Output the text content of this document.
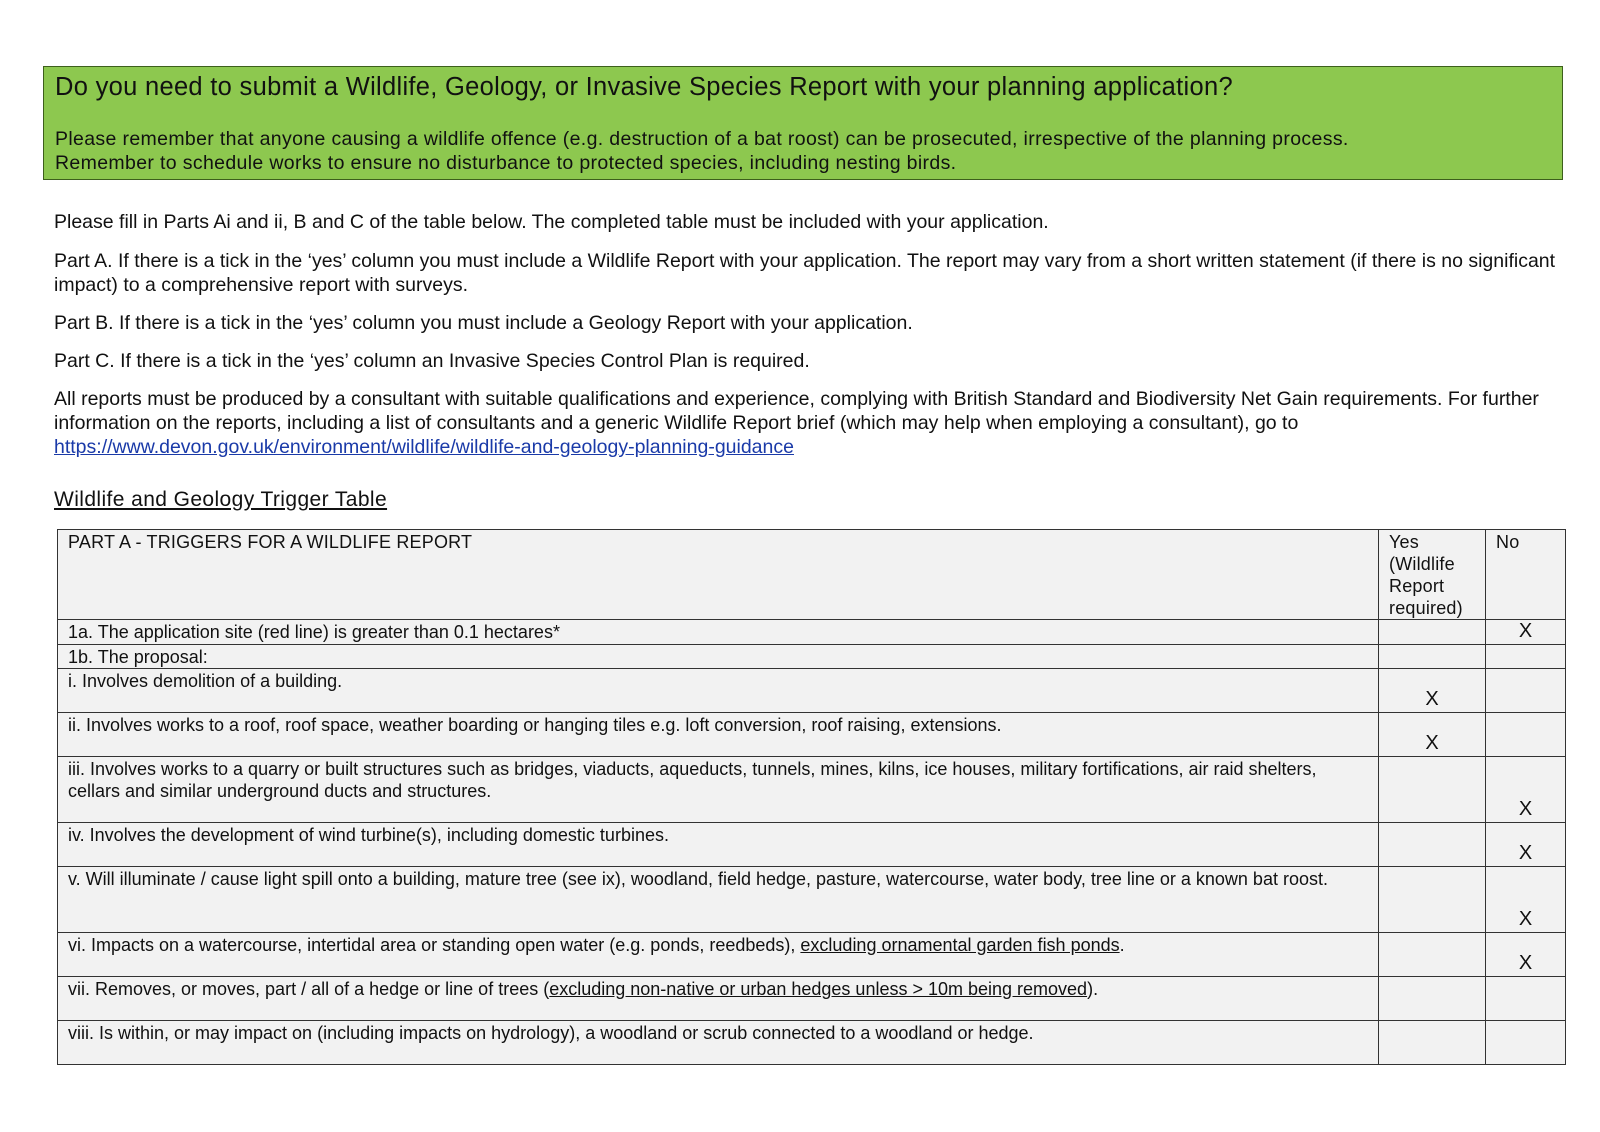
Do you need to submit a Wildlife, Geology, or Invasive Species Report with your planning application?
Please remember that anyone causing a wildlife offence (e.g. destruction of a bat roost) can be prosecuted, irrespective of the planning process.
Remember to schedule works to ensure no disturbance to protected species, including nesting birds.

Please fill in Parts Ai and ii, B and C of the table below. The completed table must be included with your application.

Part A. If there is a tick in the ‘yes’ column you must include a Wildlife Report with your application. The report may vary from a short written statement (if there is no significant impact) to a comprehensive report with surveys.

Part B. If there is a tick in the ‘yes’ column you must include a Geology Report with your application.

Part C. If there is a tick in the ‘yes’ column an Invasive Species Control Plan is required.

All reports must be produced by a consultant with suitable qualifications and experience, complying with British Standard and Biodiversity Net Gain requirements. For further information on the reports, including a list of consultants and a generic Wildlife Report brief (which may help when employing a consultant), go to

https://www.devon.gov.uk/environment/wildlife/wildlife-and-geology-planning-guidance
Wildlife and Geology Trigger Table
PART A - TRIGGERS FOR A WILDLIFE REPORT	Yes (Wildlife Report required)	No
1a. The application site (red line) is greater than 0.1 hectares*		X
1b. The proposal:		
i. Involves demolition of a building.	X	
ii. Involves works to a roof, roof space, weather boarding or hanging tiles e.g. loft conversion, roof raising, extensions.	X	
iii. Involves works to a quarry or built structures such as bridges, viaducts, aqueducts, tunnels, mines, kilns, ice houses, military fortifications, air raid shelters, cellars and similar underground ducts and structures.		X
iv. Involves the development of wind turbine(s), including domestic turbines.		X
v. Will illuminate / cause light spill onto a building, mature tree (see ix), woodland, field hedge, pasture, watercourse, water body, tree line or a known bat roost.		X
vi. Impacts on a watercourse, intertidal area or standing open water (e.g. ponds, reedbeds), excluding ornamental garden fish ponds.		X
vii. Removes, or moves, part / all of a hedge or line of trees (excluding non-native or urban hedges unless > 10m being removed).		
viii. Is within, or may impact on (including impacts on hydrology), a woodland or scrub connected to a woodland or hedge.		
